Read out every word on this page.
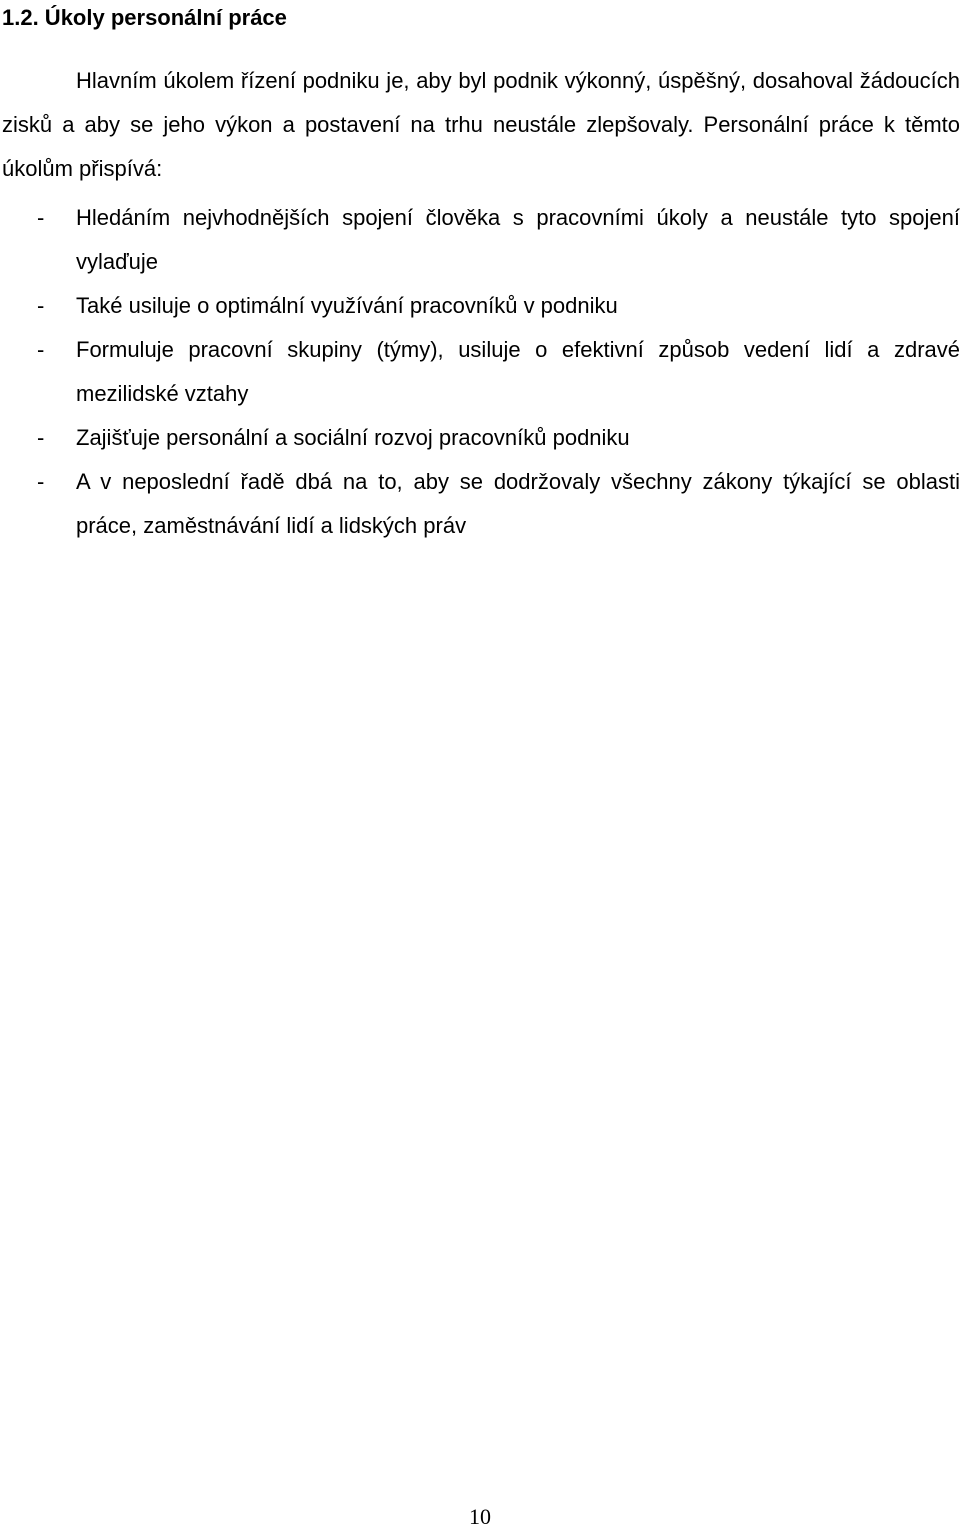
1.2. Úkoly personální práce

Hlavním úkolem řízení podniku je, aby byl podnik výkonný, úspěšný, dosahoval žádoucích zisků a aby se jeho výkon a postavení na trhu neustále zlepšovaly. Personální práce k těmto úkolům přispívá:

- Hledáním nejvhodnějších spojení člověka s pracovními úkoly a neustále tyto spojení vylaďuje
- Také usiluje o optimální využívání pracovníků v podniku
- Formuluje pracovní skupiny (týmy), usiluje o efektivní způsob vedení lidí a zdravé mezilidské vztahy
- Zajišťuje personální a sociální rozvoj pracovníků podniku
- A v neposlední řadě dbá na to, aby se dodržovaly všechny zákony týkající se oblasti práce, zaměstnávání lidí a lidských práv
10
